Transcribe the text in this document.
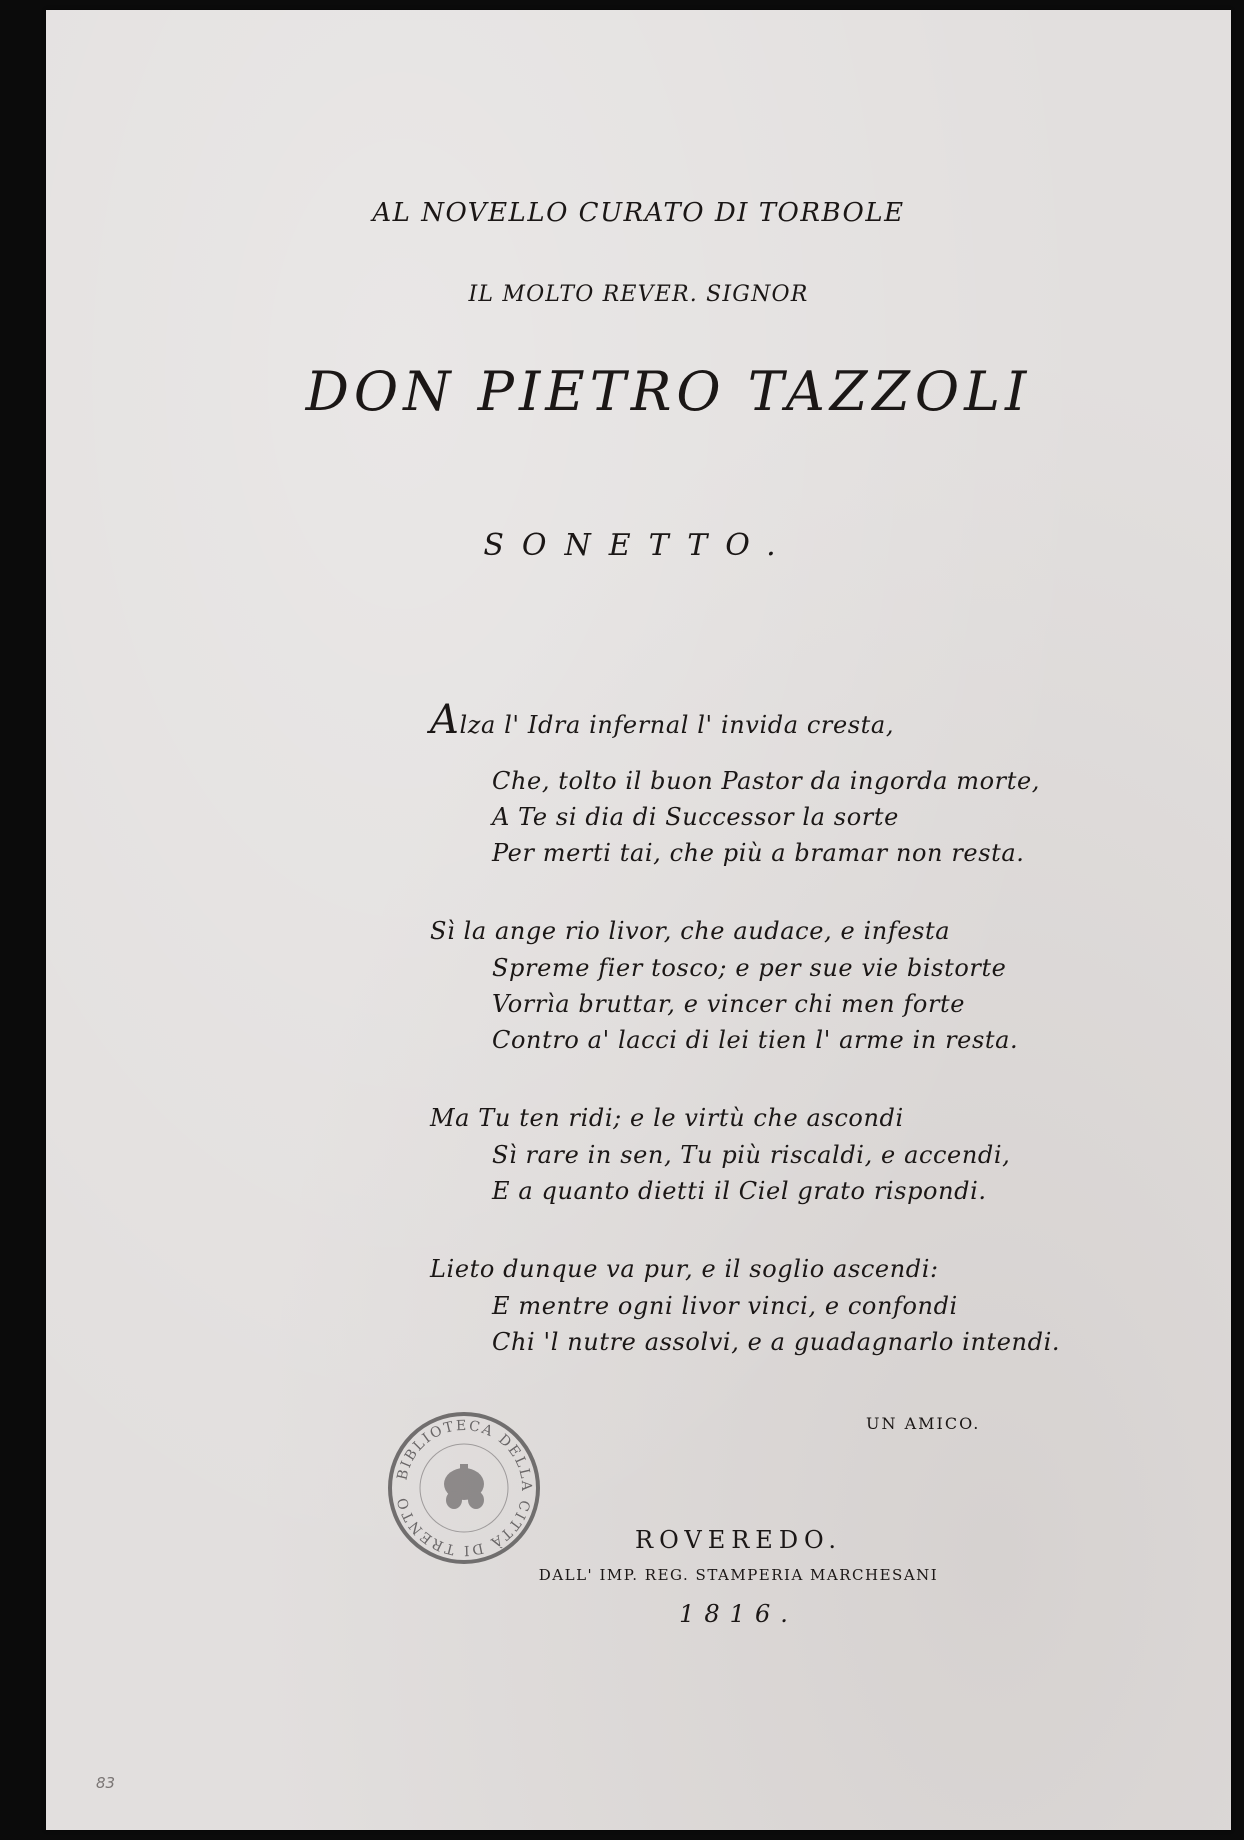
AL NOVELLO CURATO DI TORBOLE
IL MOLTO REVER. SIGNOR
DON PIETRO TAZZOLI
SONETTO.
Alza l' Idra infernal l' invida cresta,
Che, tolto il buon Pastor da ingorda morte,
A Te si dia di Successor la sorte
Per merti tai, che più a bramar non resta.
Sì la ange rio livor, che audace, e infesta
Spreme fier tosco; e per sue vie bistorte
Vorrìa bruttar, e vincer chi men forte
Contro a' lacci di lei tien l' arme in resta.
Ma Tu ten ridi; e le virtù che ascondi
Sì rare in sen, Tu più riscaldi, e accendi,
E a quanto dietti il Ciel grato rispondi.
Lieto dunque va pur, e il soglio ascendi:
E mentre ogni livor vinci, e confondi
Chi 'l nutre assolvi, e a guadagnarlo intendi.
UN AMICO.
BIBLIOTECA DELLA CITTÀ DI TRENTO
ROVEREDO.
DALL' IMP. REG. STAMPERIA MARCHESANI
1816.
83
